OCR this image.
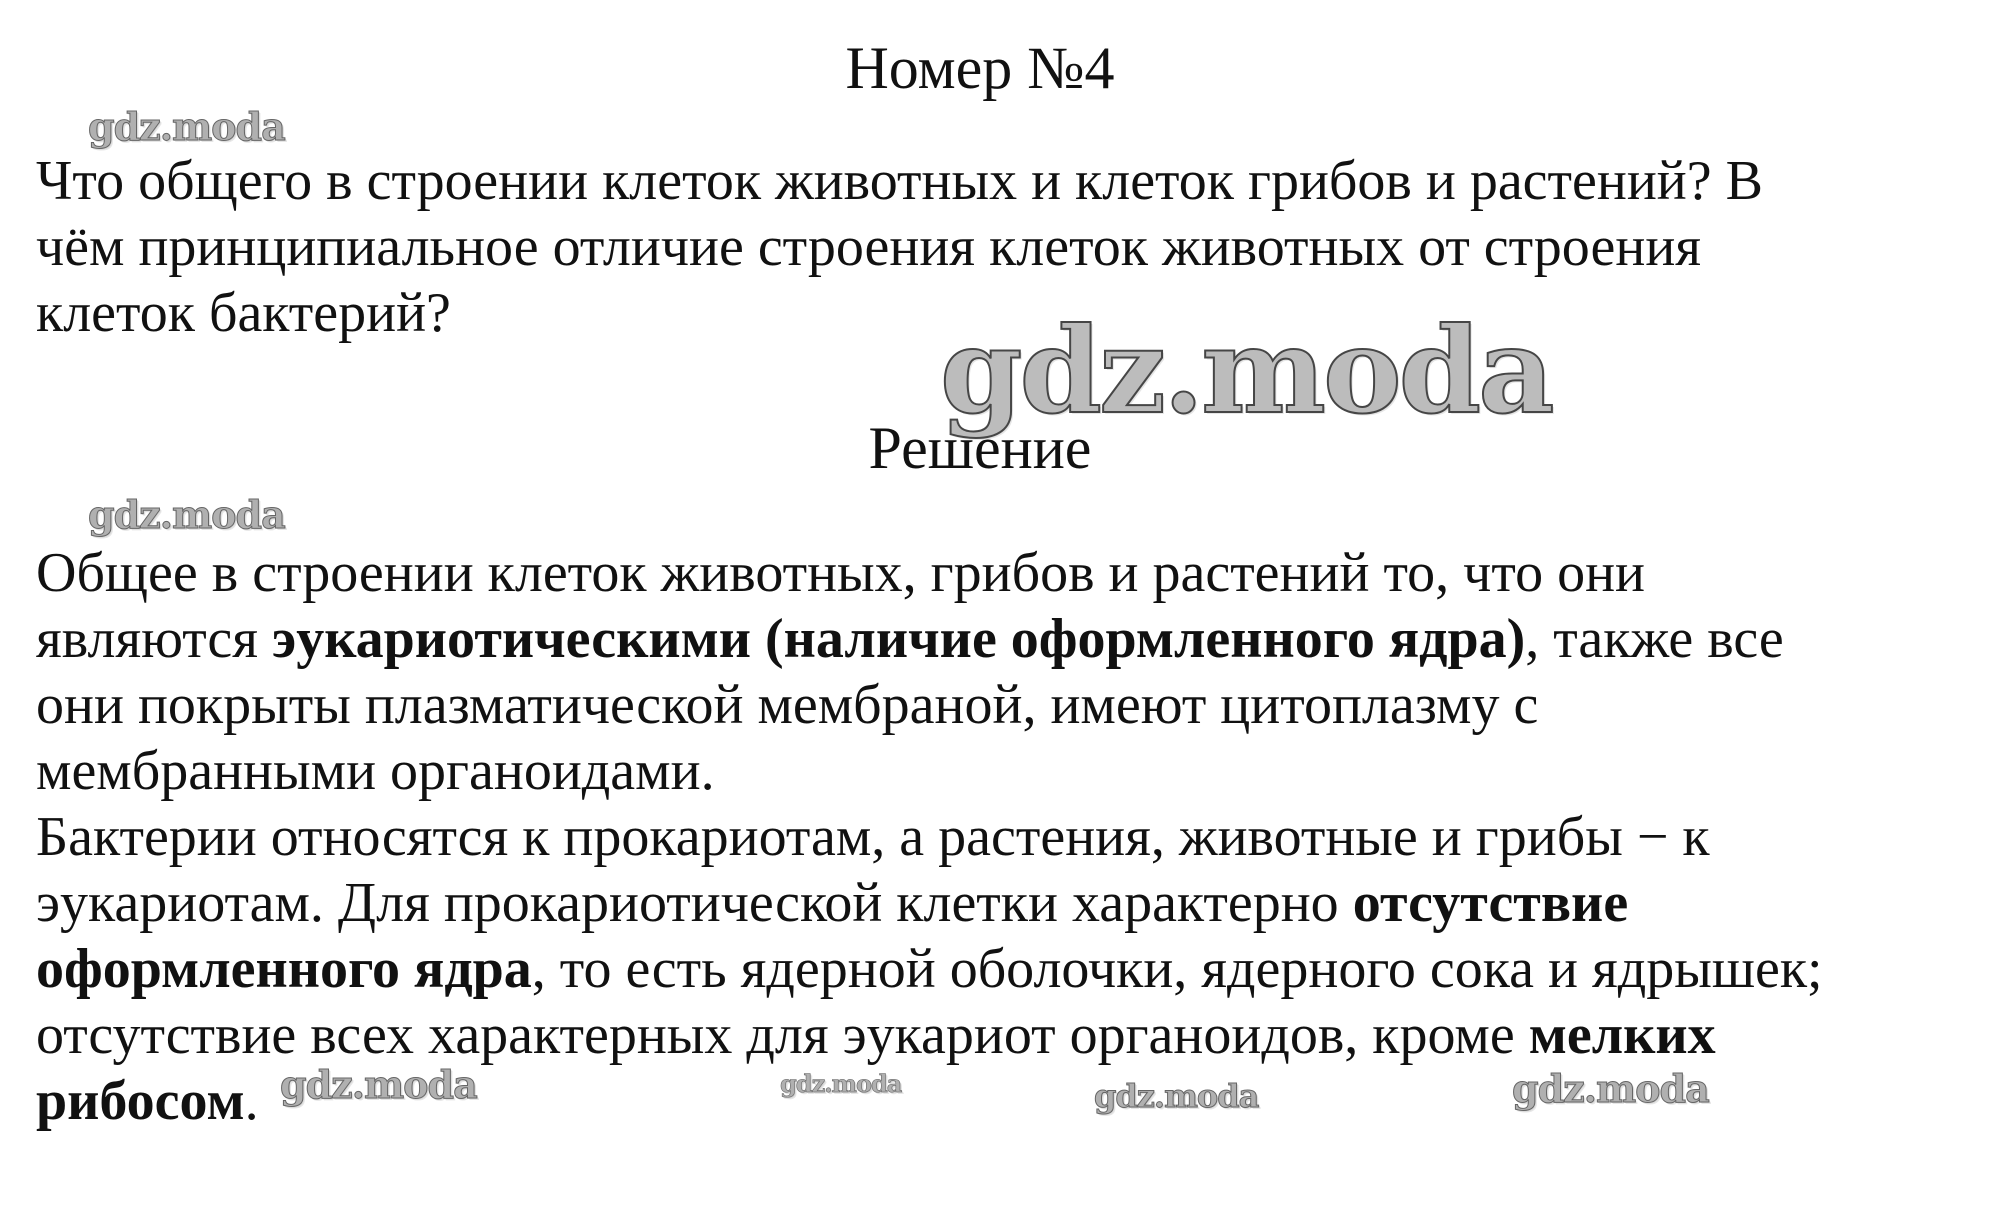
Номер №4

Что общего в строении клеток животных и клеток грибов и растений? В
чём принципиальное отличие строения клеток животных от строения
клеток бактерий?

Решение

Общее в строении клеток животных, грибов и растений то, что они
являются эукариотическими (наличие оформленного ядра), также все
они покрыты плазматической мембраной, имеют цитоплазму с
мембранными органоидами.

Бактерии относятся к прокариотам, а растения, животные и грибы − к
эукариотам. Для прокариотической клетки характерно отсутствие
оформленного ядра, то есть ядерной оболочки, ядерного сока и ядрышек;
отсутствие всех характерных для эукариот органоидов, кроме мелких
рибосом.

gdz.moda
gdz.moda
gdz.moda
gdz.moda	gdz.moda	gdz.moda	gdz.moda
